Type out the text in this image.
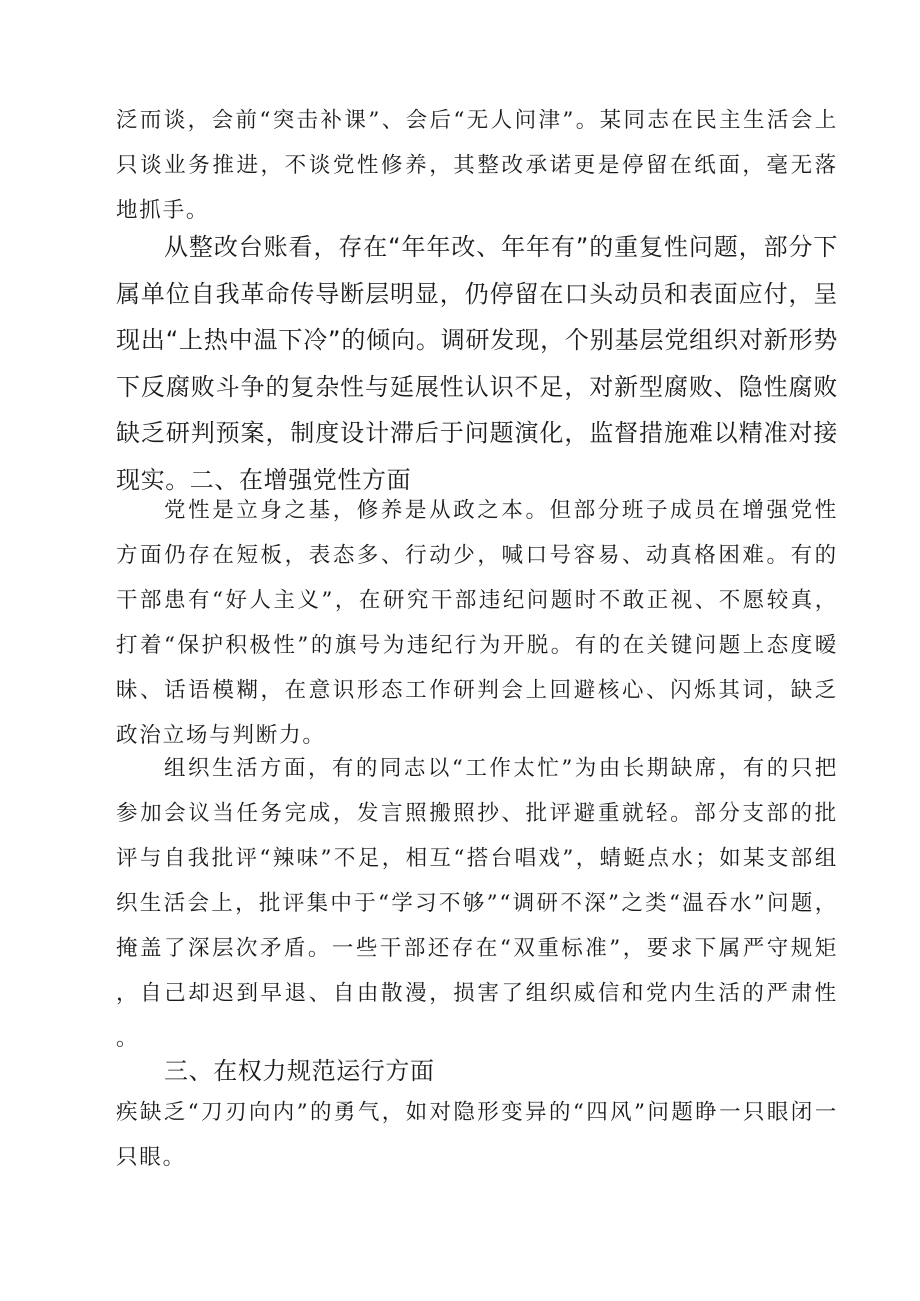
泛而谈，会前“突击补课”、会后“无人问津”。某同志在民主生活会上只谈业务推进，不谈党性修养，其整改承诺更是停留在纸面，毫无落地抓手。

从整改台账看，存在“年年改、年年有”的重复性问题，部分下属单位自我革命传导断层明显，仍停留在口头动员和表面应付，呈现出“上热中温下冷”的倾向。调研发现，个别基层党组织对新形势下反腐败斗争的复杂性与延展性认识不足，对新型腐败、隐性腐败缺乏研判预案，制度设计滞后于问题演化，监督措施难以精准对接现实。二、在增强党性方面

党性是立身之基，修养是从政之本。但部分班子成员在增强党性方面仍存在短板，表态多、行动少，喊口号容易、动真格困难。有的干部患有“好人主义”，在研究干部违纪问题时不敢正视、不愿较真，打着“保护积极性”的旗号为违纪行为开脱。有的在关键问题上态度暧昧、话语模糊，在意识形态工作研判会上回避核心、闪烁其词，缺乏政治立场与判断力。

组织生活方面，有的同志以“工作太忙”为由长期缺席，有的只把参加会议当任务完成，发言照搬照抄、批评避重就轻。部分支部的批评与自我批评“辣味”不足，相互“搭台唱戏”，蜻蜓点水；如某支部组织生活会上，批评集中于“学习不够”“调研不深”之类“温吞水”问题，掩盖了深层次矛盾。一些干部还存在“双重标准”，要求下属严守规矩，自己却迟到早退、自由散漫，损害了组织威信和党内生活的严肃性。

三、在权力规范运行方面

疾缺乏“刀刃向内”的勇气，如对隐形变异的“四风”问题睁一只眼闭一只眼。
